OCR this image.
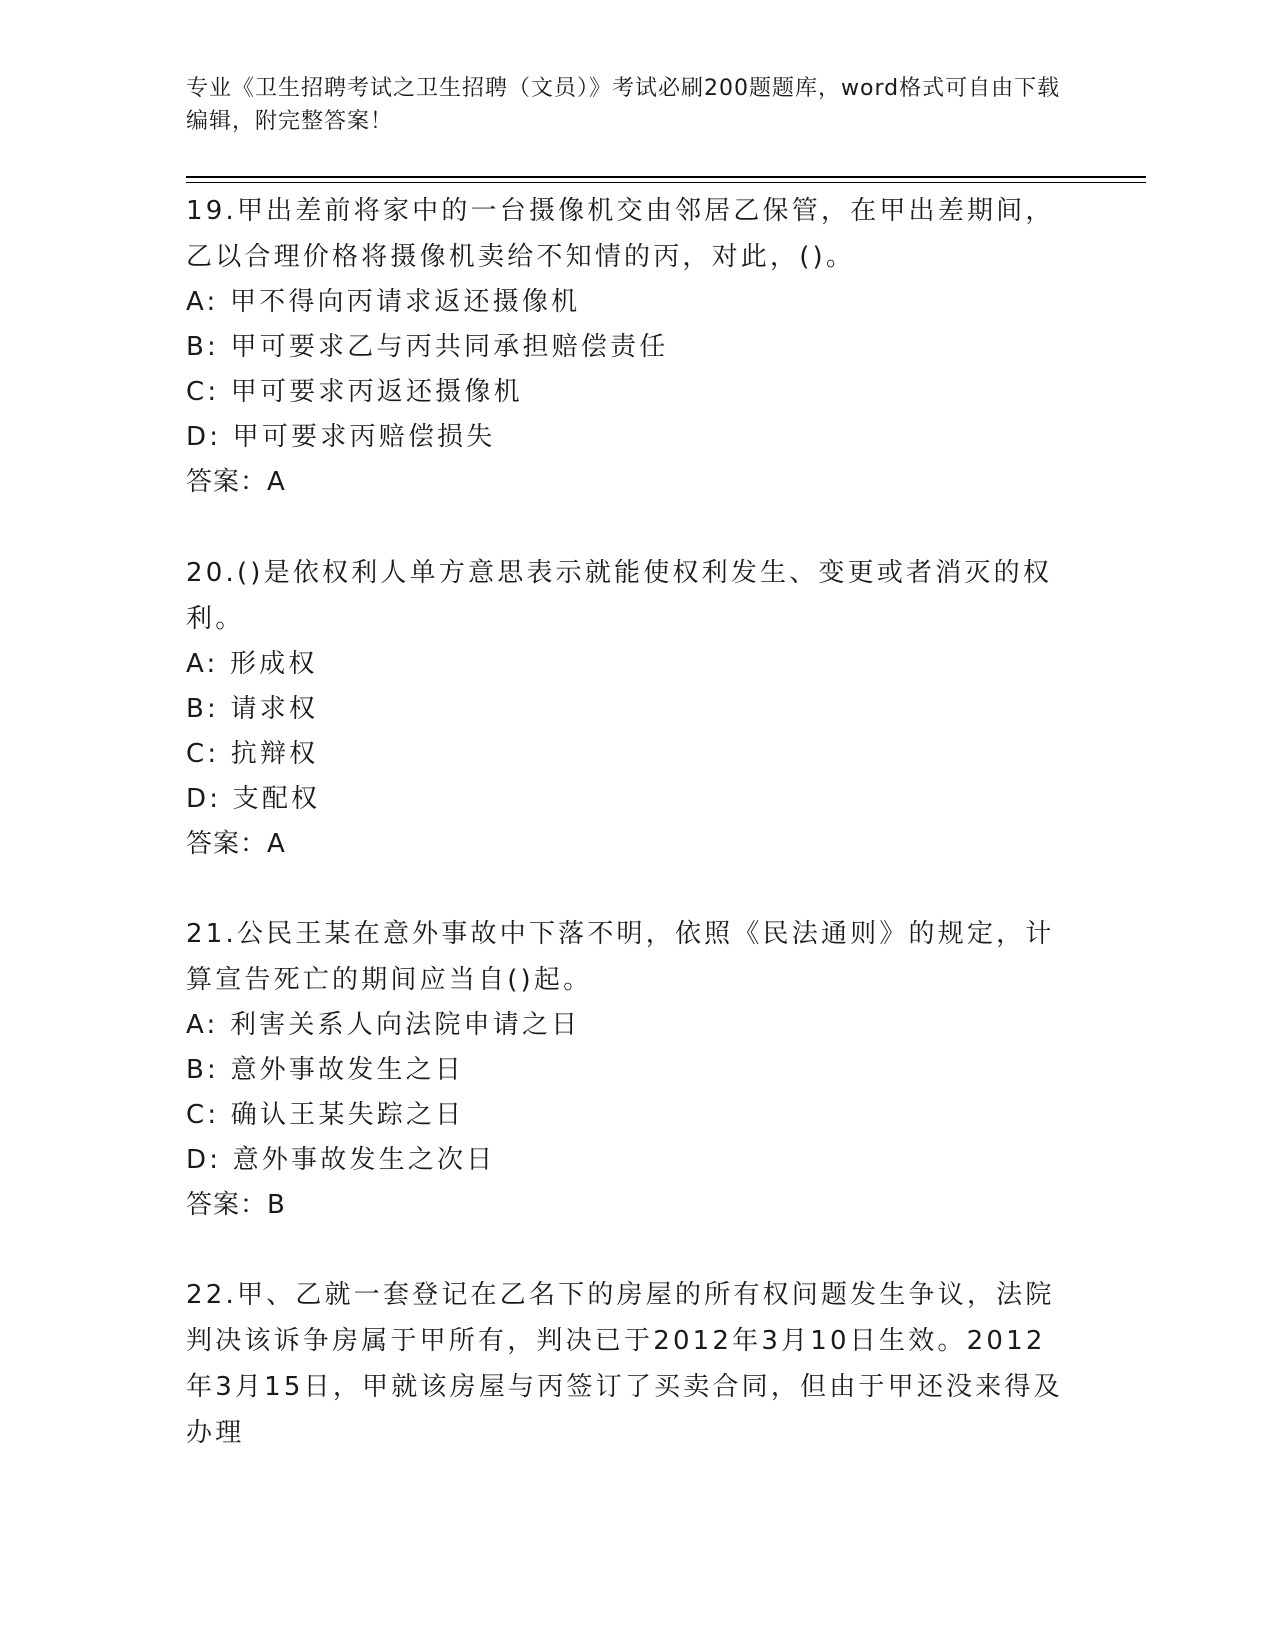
专业《卫生招聘考试之卫生招聘（文员）》考试必刷200题题库，word格式可自由下载编辑，附完整答案！
19.甲出差前将家中的一台摄像机交由邻居乙保管，在甲出差期间，乙以合理价格将摄像机卖给不知情的丙，对此，()。
A: 甲不得向丙请求返还摄像机
B: 甲可要求乙与丙共同承担赔偿责任
C: 甲可要求丙返还摄像机
D: 甲可要求丙赔偿损失
答案：A
20.()是依权利人单方意思表示就能使权利发生、变更或者消灭的权利。
A: 形成权
B: 请求权
C: 抗辩权
D: 支配权
答案：A
21.公民王某在意外事故中下落不明，依照《民法通则》的规定，计算宣告死亡的期间应当自()起。
A: 利害关系人向法院申请之日
B: 意外事故发生之日
C: 确认王某失踪之日
D: 意外事故发生之次日
答案：B
22.甲、乙就一套登记在乙名下的房屋的所有权问题发生争议，法院判决该诉争房属于甲所有，判决已于2012年3月10日生效。2012年3月15日，甲就该房屋与丙签订了买卖合同，但由于甲还没来得及办理
